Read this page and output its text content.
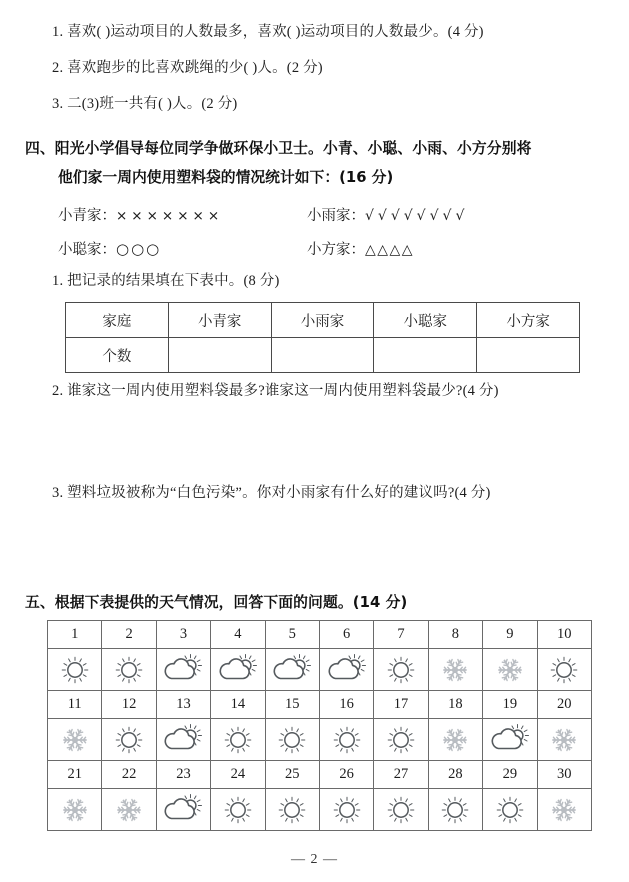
1. 喜欢( )运动项目的人数最多，喜欢( )运动项目的人数最少。(4 分)
2. 喜欢跑步的比喜欢跳绳的少( )人。(2 分)
3. 二(3)班一共有( )人。(2 分)
四、阳光小学倡导每位同学争做环保小卫士。小青、小聪、小雨、小方分别将
他们家一周内使用塑料袋的情况统计如下：(16 分)
小青家：×××××××	小雨家：√√√√√√√√
小聪家：○○○	小方家：△△△△
1. 把记录的结果填在下表中。(8 分)
家庭	小青家	小雨家	小聪家	小方家
个数				
2. 谁家这一周内使用塑料袋最多?谁家这一周内使用塑料袋最少?(4 分)
3. 塑料垃圾被称为“白色污染”。你对小雨家有什么好的建议吗?(4 分)
五、根据下表提供的天气情况，回答下面的问题。(14 分)
1	2	3	4	5	6	7	8	9	10

11	12	13	14	15	16	17	18	19	20

21	22	23	24	25	26	27	28	29	30

— 2 —
